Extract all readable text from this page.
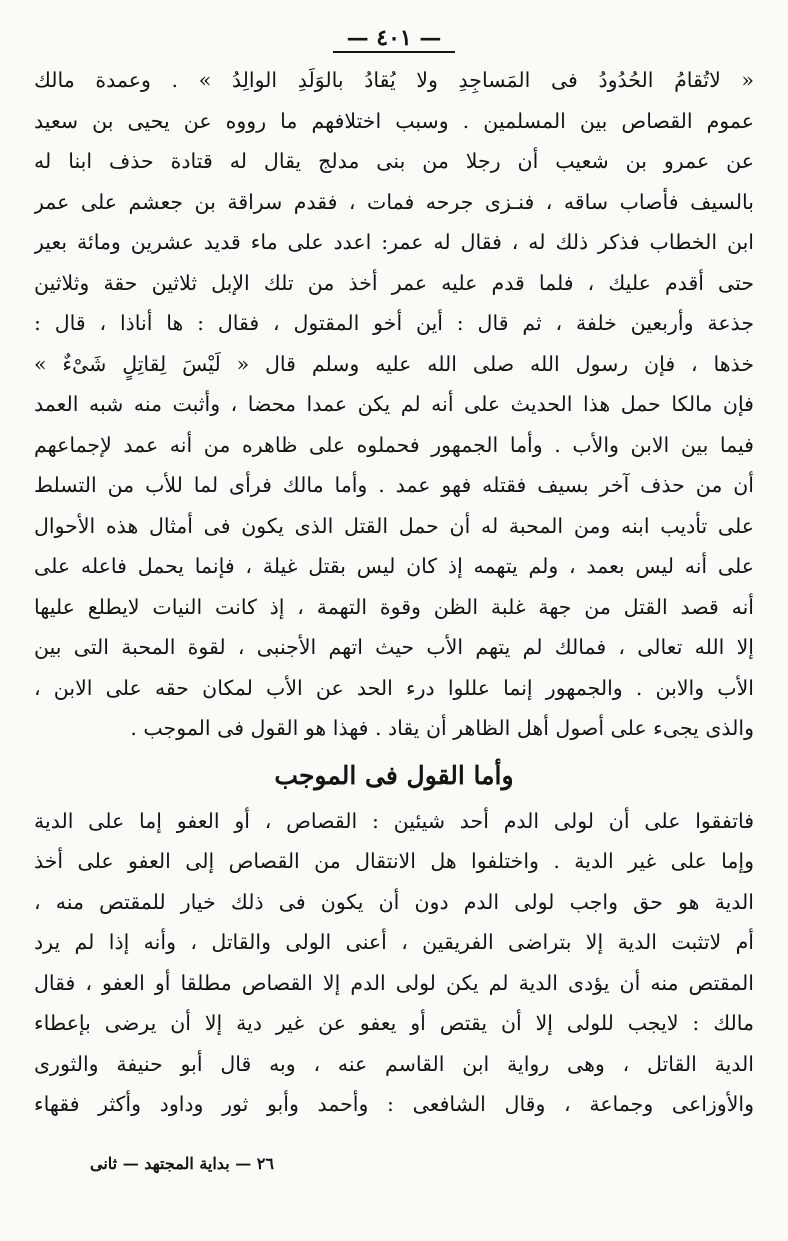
— ٤٠١ —
« لاتُقامُ الحُدُودُ فى المَساجِدِ ولا يُقادُ بالوَلَدِ الوالِدُ » . وعمدة مالك
عموم القصاص بين المسلمين . وسبب اختلافهم ما رووه عن يحيى بن سعيد
عن عمرو بن شعيب أن رجلا من بنى مدلج يقال له قتادة حذف ابنا له
بالسيف فأصاب ساقه ، فنـزى جرحه فمات ، فقدم سراقة بن جعشم على عمر
ابن الخطاب فذكر ذلك له ، فقال له عمر: اعدد على ماء قديد عشرين ومائة بعير
حتى أقدم عليك ، فلما قدم عليه عمر أخذ من تلك الإبل ثلاثين حقة وثلاثين
جذعة وأربعين خلفة ، ثم قال : أين أخو المقتول ، فقال : ها أناذا ، قال :
خذها ، فإن رسول الله صلى الله عليه وسلم قال « لَيْسَ لِقاتِلٍ شَىْءٌ »
فإن مالكا حمل هذا الحديث على أنه لم يكن عمدا محضا ، وأثبت منه شبه العمد
فيما بين الابن والأب . وأما الجمهور فحملوه على ظاهره من أنه عمد لإجماعهم
أن من حذف آخر بسيف فقتله فهو عمد . وأما مالك فرأى لما للأب من التسلط
على تأديب ابنه ومن المحبة له أن حمل القتل الذى يكون فى أمثال هذه الأحوال
على أنه ليس بعمد ، ولم يتهمه إذ كان ليس بقتل غيلة ، فإنما يحمل فاعله على
أنه قصد القتل من جهة غلبة الظن وقوة التهمة ، إذ كانت النيات لايطلع عليها
إلا الله تعالى ، فمالك لم يتهم الأب حيث اتهم الأجنبى ، لقوة المحبة التى بين
الأب والابن . والجمهور إنما عللوا درء الحد عن الأب لمكان حقه على الابن ،
والذى يجىء على أصول أهل الظاهر أن يقاد . فهذا هو القول فى الموجب .
وأما القول فى الموجب
فاتفقوا على أن لولى الدم أحد شيئين : القصاص ، أو العفو إما على الدية
وإما على غير الدية . واختلفوا هل الانتقال من القصاص إلى العفو على أخذ
الدية هو حق واجب لولى الدم دون أن يكون فى ذلك خيار للمقتص منه ،
أم لاتثبت الدية إلا بتراضى الفريقين ، أعنى الولى والقاتل ، وأنه إذا لم يرد
المقتص منه أن يؤدى الدية لم يكن لولى الدم إلا القصاص مطلقا أو العفو ، فقال
مالك : لايجب للولى إلا أن يقتص أو يعفو عن غير دية إلا أن يرضى بإعطاء
الدية القاتل ، وهى رواية ابن القاسم عنه ، وبه قال أبو حنيفة والثورى
والأوزاعى وجماعة ، وقال الشافعى : وأحمد وأبو ثور وداود وأكثر فقهاء
٢٦ — بداية المجتهد — ثانى
